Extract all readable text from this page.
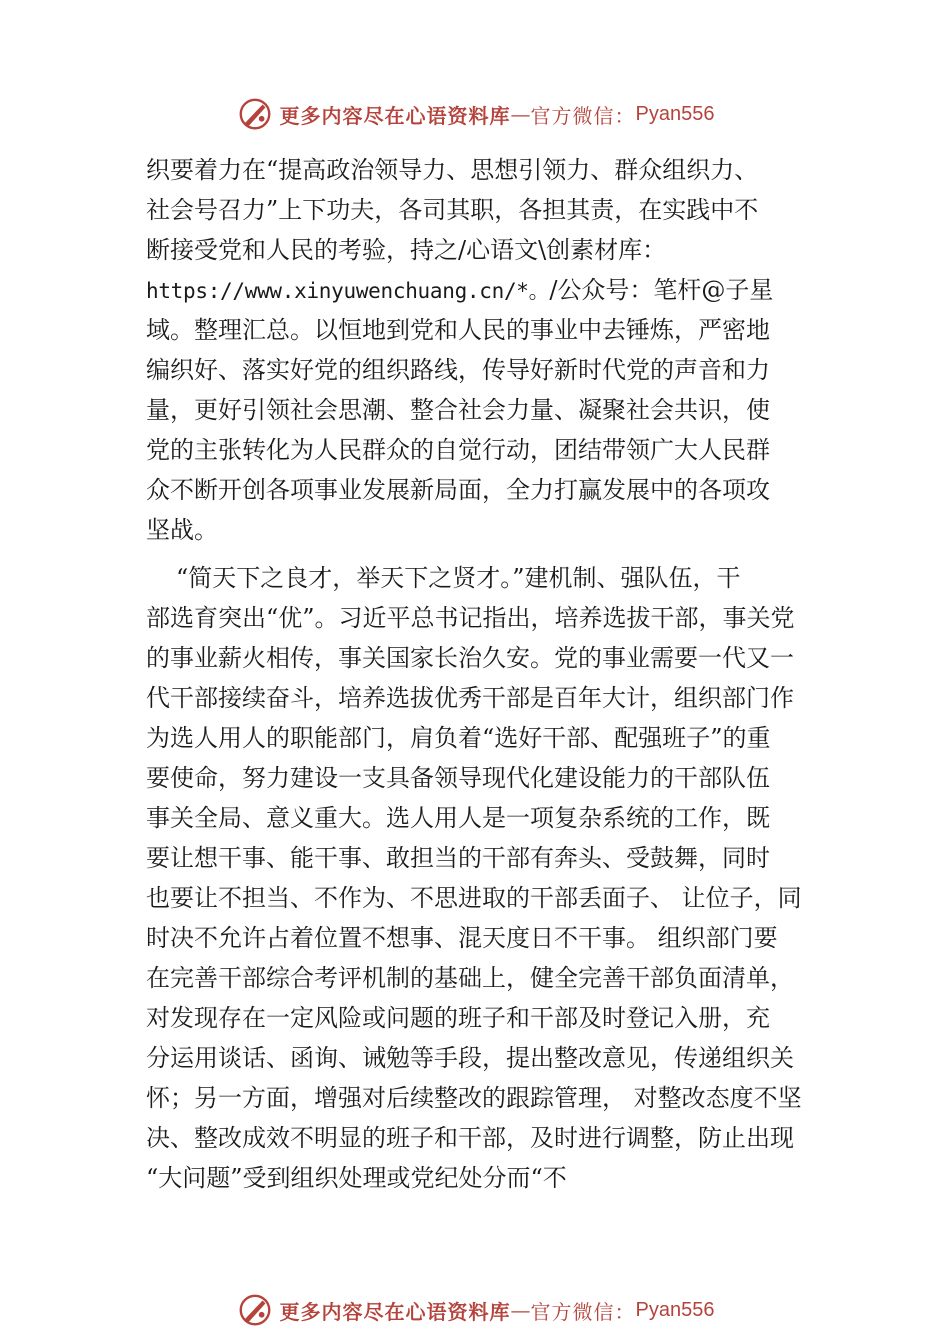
更多内容尽在心语资料库 — 官方微信： Pyan556
织要着力在“提高政治领导力、思想引领力、群众组织力、
社会号召力”上下功夫，各司其职，各担其责，在实践中不
断接受党和人民的考验，持之/心语文\创素材库：
https://www.xinyuwenchuang.cn/*。/公众号：笔杆@子星
域。整理汇总。以恒地到党和人民的事业中去锤炼，严密地
编织好、落实好党的组织路线，传导好新时代党的声音和力
量，更好引领社会思潮、整合社会力量、凝聚社会共识，使
党的主张转化为人民群众的自觉行动，团结带领广大人民群
众不断开创各项事业发展新局面，全力打赢发展中的各项攻
坚战。
“简天下之良才，举天下之贤才。”建机制、强队伍，干
部选育突出“优”。习近平总书记指出，培养选拔干部，事关党
的事业薪火相传，事关国家长治久安。党的事业需要一代又一
代干部接续奋斗，培养选拔优秀干部是百年大计，组织部门作
为选人用人的职能部门，肩负着“选好干部、配强班子”的重
要使命，努力建设一支具备领导现代化建设能力的干部队伍
事关全局、意义重大。选人用人是一项复杂系统的工作，既
要让想干事、能干事、敢担当的干部有奔头、受鼓舞，同时
也要让不担当、不作为、不思进取的干部丢面子、 让位子，同
时决不允许占着位置不想事、混天度日不干事。 组织部门要
在完善干部综合考评机制的基础上，健全完善干部负面清单，
对发现存在一定风险或问题的班子和干部及时登记入册，充
分运用谈话、函询、诫勉等手段，提出整改意见，传递组织关
怀；另一方面，增强对后续整改的跟踪管理， 对整改态度不坚
决、整改成效不明显的班子和干部，及时进行调整，防止出现
“大问题”受到组织处理或党纪处分而“不
更多内容尽在心语资料库 — 官方微信： Pyan556
